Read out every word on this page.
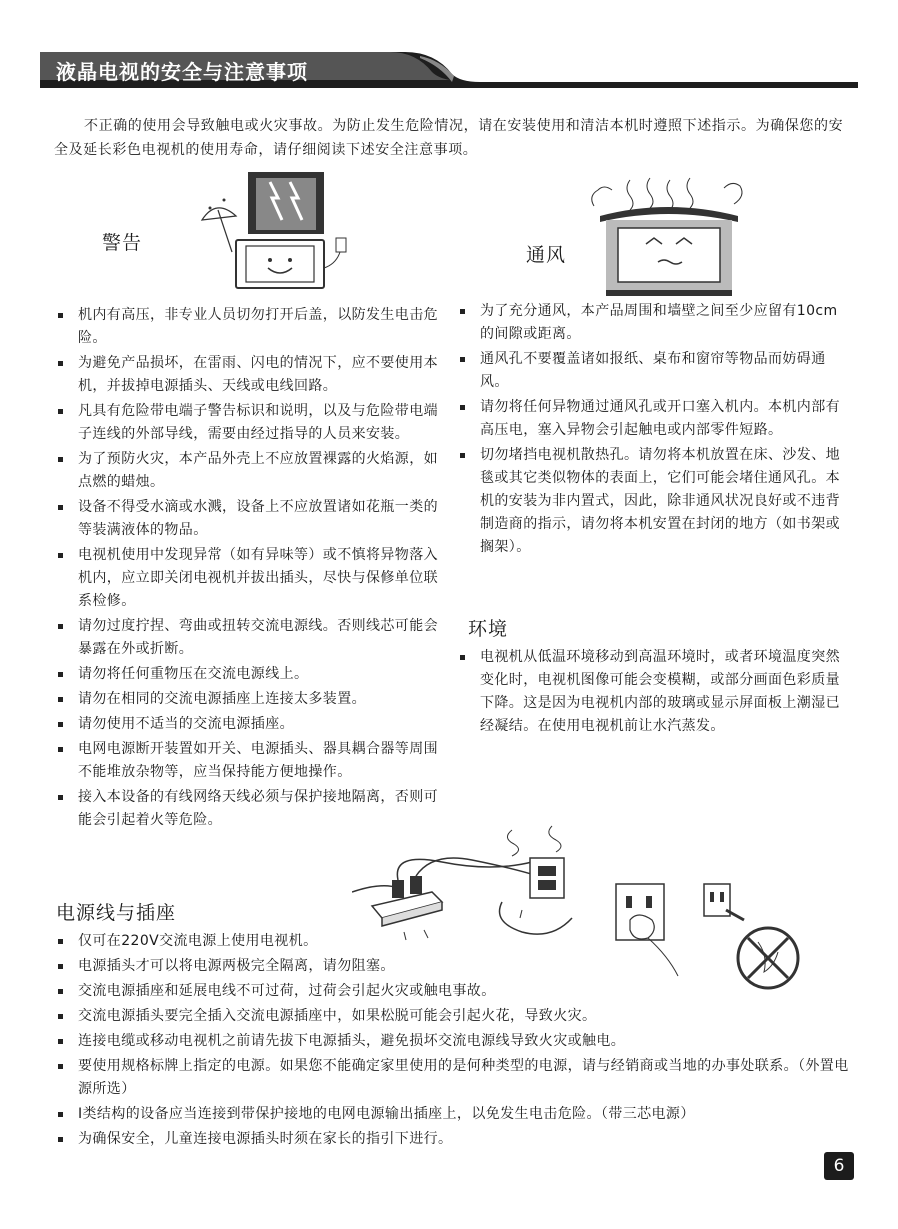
液晶电视的安全与注意事项
不正确的使用会导致触电或火灾事故。为防止发生危险情况，请在安装使用和清洁本机时遵照下述指示。为确保您的安全及延长彩色电视机的使用寿命，请仔细阅读下述安全注意事项。
警告
机内有高压，非专业人员切勿打开后盖，以防发生电击危险。
为避免产品损坏，在雷雨、闪电的情况下，应不要使用本机，并拔掉电源插头、天线或电线回路。
凡具有危险带电端子警告标识和说明，以及与危险带电端子连线的外部导线，需要由经过指导的人员来安装。
为了预防火灾，本产品外壳上不应放置裸露的火焰源，如点燃的蜡烛。
设备不得受水滴或水溅，设备上不应放置诸如花瓶一类的等装满液体的物品。
电视机使用中发现异常（如有异味等）或不慎将异物落入机内，应立即关闭电视机并拔出插头，尽快与保修单位联系检修。
请勿过度拧捏、弯曲或扭转交流电源线。否则线芯可能会暴露在外或折断。
请勿将任何重物压在交流电源线上。
请勿在相同的交流电源插座上连接太多装置。
请勿使用不适当的交流电源插座。
电网电源断开装置如开关、电源插头、器具耦合器等周围不能堆放杂物等，应当保持能方便地操作。
接入本设备的有线网络天线必须与保护接地隔离，否则可能会引起着火等危险。
通风
为了充分通风，本产品周围和墙壁之间至少应留有10cm的间隙或距离。
通风孔不要覆盖诸如报纸、桌布和窗帘等物品而妨碍通风。
请勿将任何异物通过通风孔或开口塞入机内。本机内部有高压电，塞入异物会引起触电或内部零件短路。
切勿堵挡电视机散热孔。请勿将本机放置在床、沙发、地毯或其它类似物体的表面上，它们可能会堵住通风孔。本机的安装为非内置式，因此，除非通风状况良好或不违背制造商的指示，请勿将本机安置在封闭的地方（如书架或搁架）。
环境
电视机从低温环境移动到高温环境时，或者环境温度突然变化时，电视机图像可能会变模糊，或部分画面色彩质量下降。这是因为电视机内部的玻璃或显示屏面板上潮湿已经凝结。在使用电视机前让水汽蒸发。
电源线与插座
仅可在220V交流电源上使用电视机。
电源插头才可以将电源两极完全隔离，请勿阻塞。
交流电源插座和延展电线不可过荷，过荷会引起火灾或触电事故。
交流电源插头要完全插入交流电源插座中，如果松脱可能会引起火花，导致火灾。
连接电缆或移动电视机之前请先拔下电源插头，避免损坏交流电源线导致火灾或触电。
要使用规格标牌上指定的电源。如果您不能确定家里使用的是何种类型的电源，请与经销商或当地的办事处联系。（外置电源所选）
Ⅰ类结构的设备应当连接到带保护接地的电网电源输出插座上，以免发生电击危险。（带三芯电源）
为确保安全，儿童连接电源插头时须在家长的指引下进行。
6
